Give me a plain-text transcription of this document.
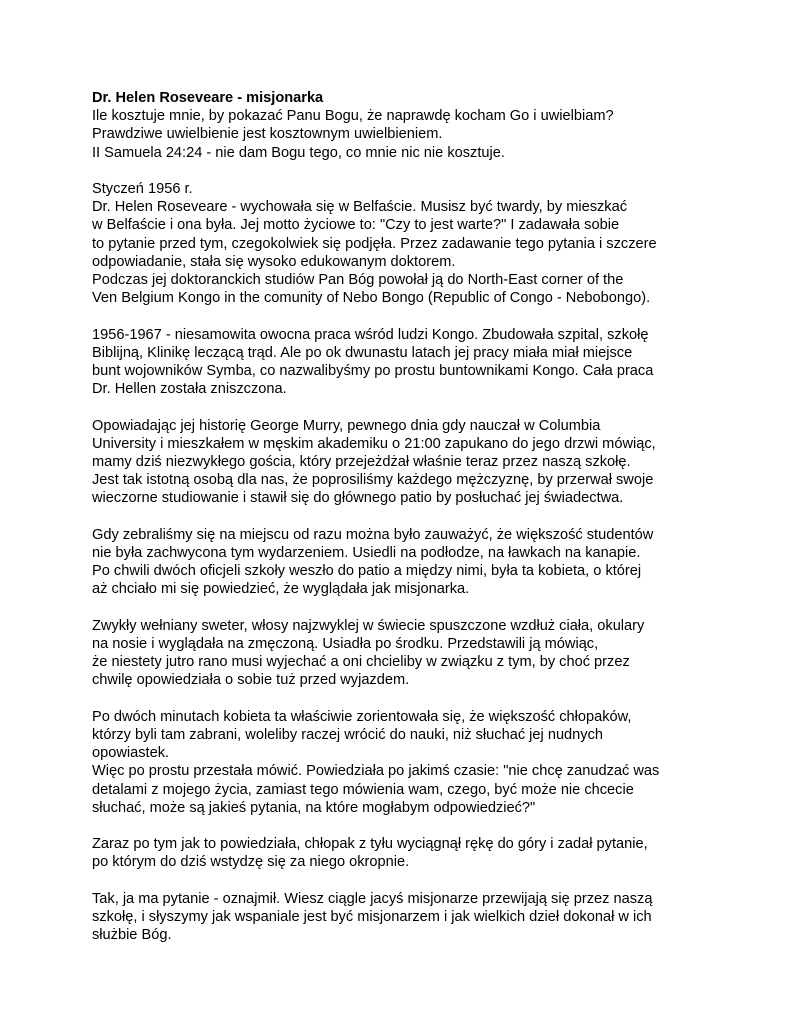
Dr. Helen Roseveare - misjonarka
Ile kosztuje mnie, by pokazać Panu Bogu, że naprawdę kocham Go i uwielbiam?
Prawdziwe uwielbienie jest kosztownym uwielbieniem.
II Samuela 24:24 - nie dam Bogu tego, co mnie nic nie kosztuje.
Styczeń 1956 r.
Dr. Helen Roseveare - wychowała się w Belfaście. Musisz być twardy, by mieszkać
w Belfaście i ona była. Jej motto życiowe to: "Czy to jest warte?" I zadawała sobie
to pytanie przed tym, czegokolwiek się podjęła. Przez zadawanie tego pytania i szczere
odpowiadanie, stała się wysoko edukowanym doktorem.
Podczas jej doktoranckich studiów Pan Bóg powołał ją do North-East corner of the
Ven Belgium Kongo in the comunity of Nebo Bongo (Republic of Congo - Nebobongo).
1956-1967 - niesamowita owocna praca wśród ludzi Kongo. Zbudowała szpital, szkołę
Biblijną, Klinikę leczącą trąd. Ale po ok dwunastu latach jej pracy miała miał miejsce
bunt wojowników Symba, co nazwalibyśmy po prostu buntownikami Kongo. Cała praca
Dr. Hellen została zniszczona.
Opowiadając jej historię George Murry, pewnego dnia gdy nauczał w Columbia
University i mieszkałem w męskim akademiku o 21:00 zapukano do jego drzwi mówiąc,
mamy dziś niezwykłego gościa, który przejeżdżał właśnie teraz przez naszą szkołę.
Jest tak istotną osobą dla nas, że poprosiliśmy każdego mężczyznę, by przerwał swoje
wieczorne studiowanie i stawił się do głównego patio by posłuchać jej świadectwa.
Gdy zebraliśmy się na miejscu od razu można było zauważyć, że większość studentów
nie była zachwycona tym wydarzeniem. Usiedli na podłodze, na ławkach na kanapie.
Po chwili dwóch oficjeli szkoły weszło do patio a między nimi, była ta kobieta, o której
aż chciało mi się powiedzieć, że wyglądała jak misjonarka.
Zwykły wełniany sweter, włosy najzwyklej w świecie spuszczone wzdłuż ciała, okulary
na nosie i wyglądała na zmęczoną. Usiadła po środku. Przedstawili ją mówiąc,
że niestety jutro rano musi wyjechać a oni chcieliby w związku z tym, by choć przez
chwilę opowiedziała o sobie tuż przed wyjazdem.
Po dwóch minutach kobieta ta właściwie zorientowała się, że większość chłopaków,
którzy byli tam zabrani, woleliby raczej wrócić do nauki, niż słuchać jej nudnych
opowiastek.
Więc po prostu przestała mówić. Powiedziała po jakimś czasie: "nie chcę zanudzać was
detalami z mojego życia, zamiast tego mówienia wam, czego, być może nie chcecie
słuchać, może są jakieś pytania, na które mogłabym odpowiedzieć?"
Zaraz po tym jak to powiedziała, chłopak z tyłu wyciągnął rękę do góry i zadał pytanie,
po którym do dziś wstydzę się za niego okropnie.
Tak, ja ma pytanie - oznajmił. Wiesz ciągle jacyś misjonarze przewijają się przez naszą
szkołę, i słyszymy jak wspaniale jest być misjonarzem i jak wielkich dzieł dokonał w ich
służbie Bóg.
